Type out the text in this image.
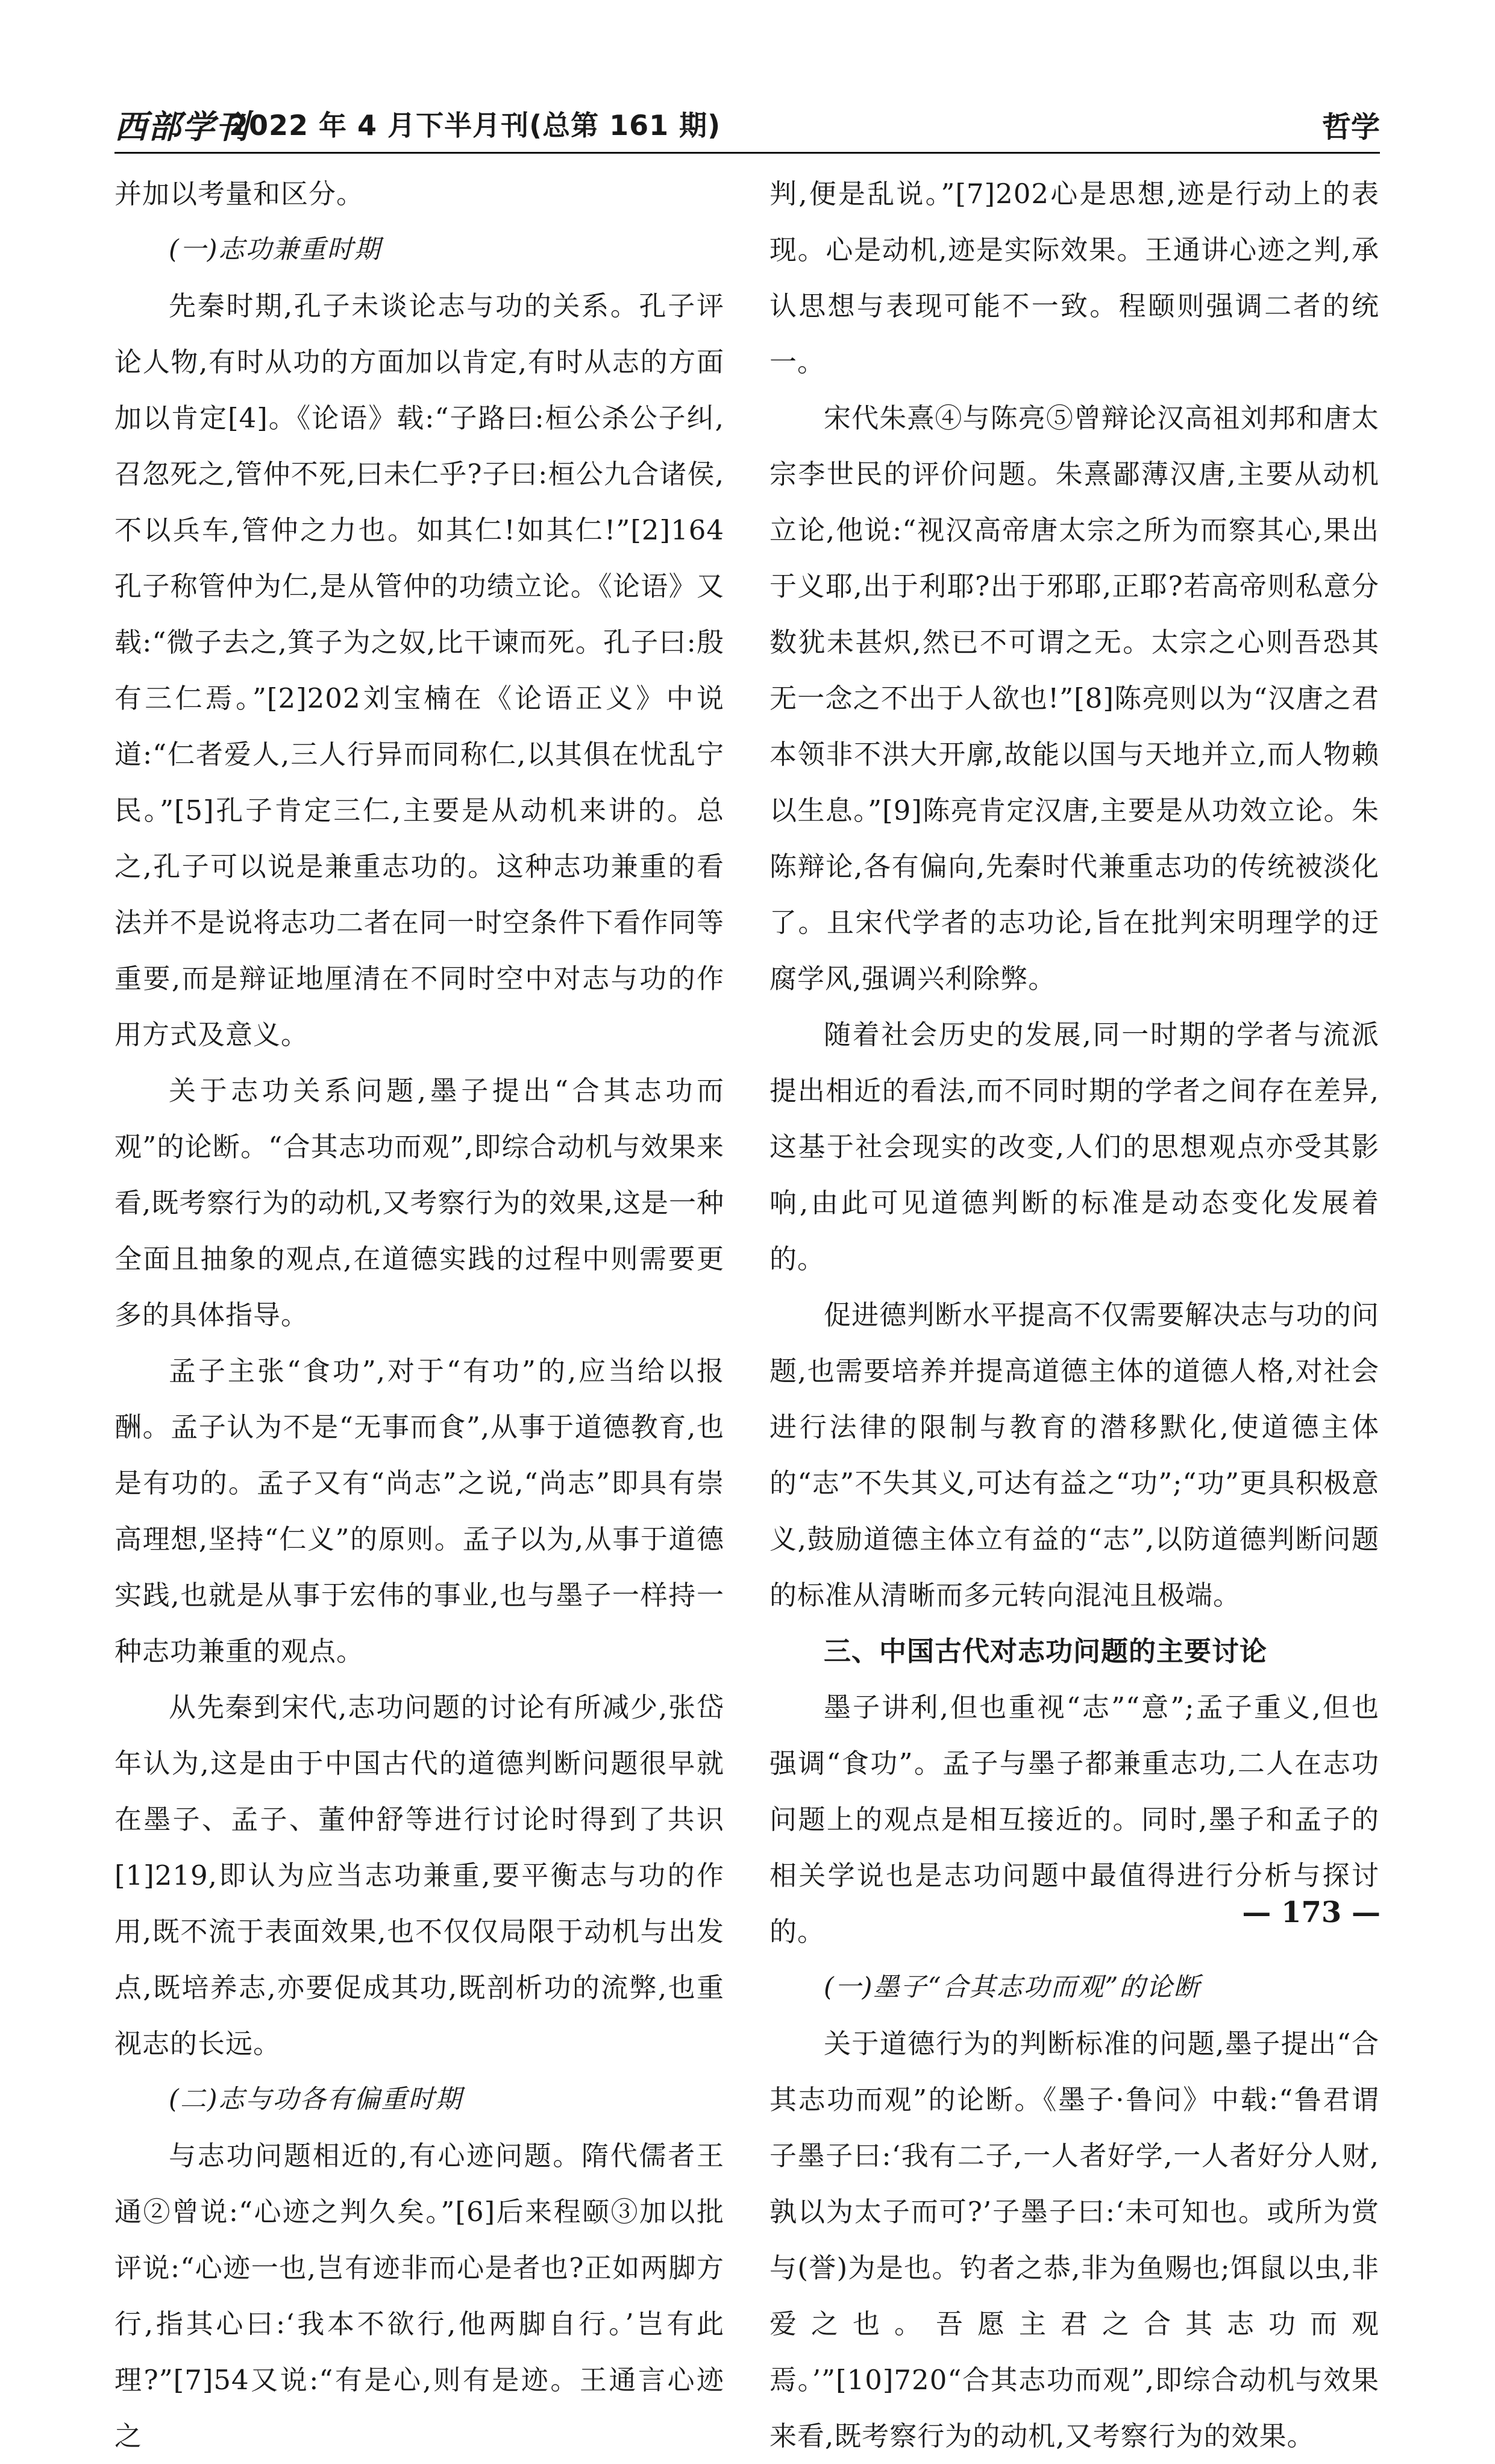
西部学刊
2022 年 4 月下半月刊(总第 161 期)	哲学

并加以考量和区分。

(一)志功兼重时期

先秦时期,孔子未谈论志与功的关系。孔子评论人物,有时从功的方面加以肯定,有时从志的方面加以肯定[4]。《论语》载:“子路曰:桓公杀公子纠,召忽死之,管仲不死,曰未仁乎?子曰:桓公九合诸侯,不以兵车,管仲之力也。如其仁!如其仁!”[2]164孔子称管仲为仁,是从管仲的功绩立论。《论语》又载:“微子去之,箕子为之奴,比干谏而死。孔子曰:殷有三仁焉。”[2]202刘宝楠在《论语正义》中说道:“仁者爱人,三人行异而同称仁,以其俱在忧乱宁民。”[5]孔子肯定三仁,主要是从动机来讲的。总之,孔子可以说是兼重志功的。这种志功兼重的看法并不是说将志功二者在同一时空条件下看作同等重要,而是辩证地厘清在不同时空中对志与功的作用方式及意义。

关于志功关系问题,墨子提出“合其志功而观”的论断。“合其志功而观”,即综合动机与效果来看,既考察行为的动机,又考察行为的效果,这是一种全面且抽象的观点,在道德实践的过程中则需要更多的具体指导。

孟子主张“食功”,对于“有功”的,应当给以报酬。孟子认为不是“无事而食”,从事于道德教育,也是有功的。孟子又有“尚志”之说,“尚志”即具有崇高理想,坚持“仁义”的原则。孟子以为,从事于道德实践,也就是从事于宏伟的事业,也与墨子一样持一种志功兼重的观点。

从先秦到宋代,志功问题的讨论有所减少,张岱年认为,这是由于中国古代的道德判断问题很早就在墨子、孟子、董仲舒等进行讨论时得到了共识[1]219,即认为应当志功兼重,要平衡志与功的作用,既不流于表面效果,也不仅仅局限于动机与出发点,既培养志,亦要促成其功,既剖析功的流弊,也重视志的长远。

(二)志与功各有偏重时期

与志功问题相近的,有心迹问题。隋代儒者王通②曾说:“心迹之判久矣。”[6]后来程颐③加以批评说:“心迹一也,岂有迹非而心是者也?正如两脚方行,指其心曰:‘我本不欲行,他两脚自行。’岂有此理?”[7]54又说:“有是心,则有是迹。王通言心迹之

判,便是乱说。”[7]202心是思想,迹是行动上的表现。心是动机,迹是实际效果。王通讲心迹之判,承认思想与表现可能不一致。程颐则强调二者的统一。

宋代朱熹④与陈亮⑤曾辩论汉高祖刘邦和唐太宗李世民的评价问题。朱熹鄙薄汉唐,主要从动机立论,他说:“视汉高帝唐太宗之所为而察其心,果出于义耶,出于利耶?出于邪耶,正耶?若高帝则私意分数犹未甚炽,然已不可谓之无。太宗之心则吾恐其无一念之不出于人欲也!”[8]陈亮则以为“汉唐之君本领非不洪大开廓,故能以国与天地并立,而人物赖以生息。”[9]陈亮肯定汉唐,主要是从功效立论。朱陈辩论,各有偏向,先秦时代兼重志功的传统被淡化了。且宋代学者的志功论,旨在批判宋明理学的迂腐学风,强调兴利除弊。

随着社会历史的发展,同一时期的学者与流派提出相近的看法,而不同时期的学者之间存在差异,这基于社会现实的改变,人们的思想观点亦受其影响,由此可见道德判断的标准是动态变化发展着的。

促进德判断水平提高不仅需要解决志与功的问题,也需要培养并提高道德主体的道德人格,对社会进行法律的限制与教育的潜移默化,使道德主体的“志”不失其义,可达有益之“功”;“功”更具积极意义,鼓励道德主体立有益的“志”,以防道德判断问题的标准从清晰而多元转向混沌且极端。

三、中国古代对志功问题的主要讨论

墨子讲利,但也重视“志”“意”;孟子重义,但也强调“食功”。孟子与墨子都兼重志功,二人在志功问题上的观点是相互接近的。同时,墨子和孟子的相关学说也是志功问题中最值得进行分析与探讨的。

(一)墨子“合其志功而观”的论断

关于道德行为的判断标准的问题,墨子提出“合其志功而观”的论断。《墨子·鲁问》中载:“鲁君谓子墨子曰:‘我有二子,一人者好学,一人者好分人财,孰以为太子而可?’子墨子曰:‘未可知也。或所为赏与(誉)为是也。钓者之恭,非为鱼赐也;饵鼠以虫,非爱之也。吾愿主君之合其志功而观焉。’”[10]720“合其志功而观”,即综合动机与效果来看,既考察行为的动机,又考察行为的效果。

— 173 —
